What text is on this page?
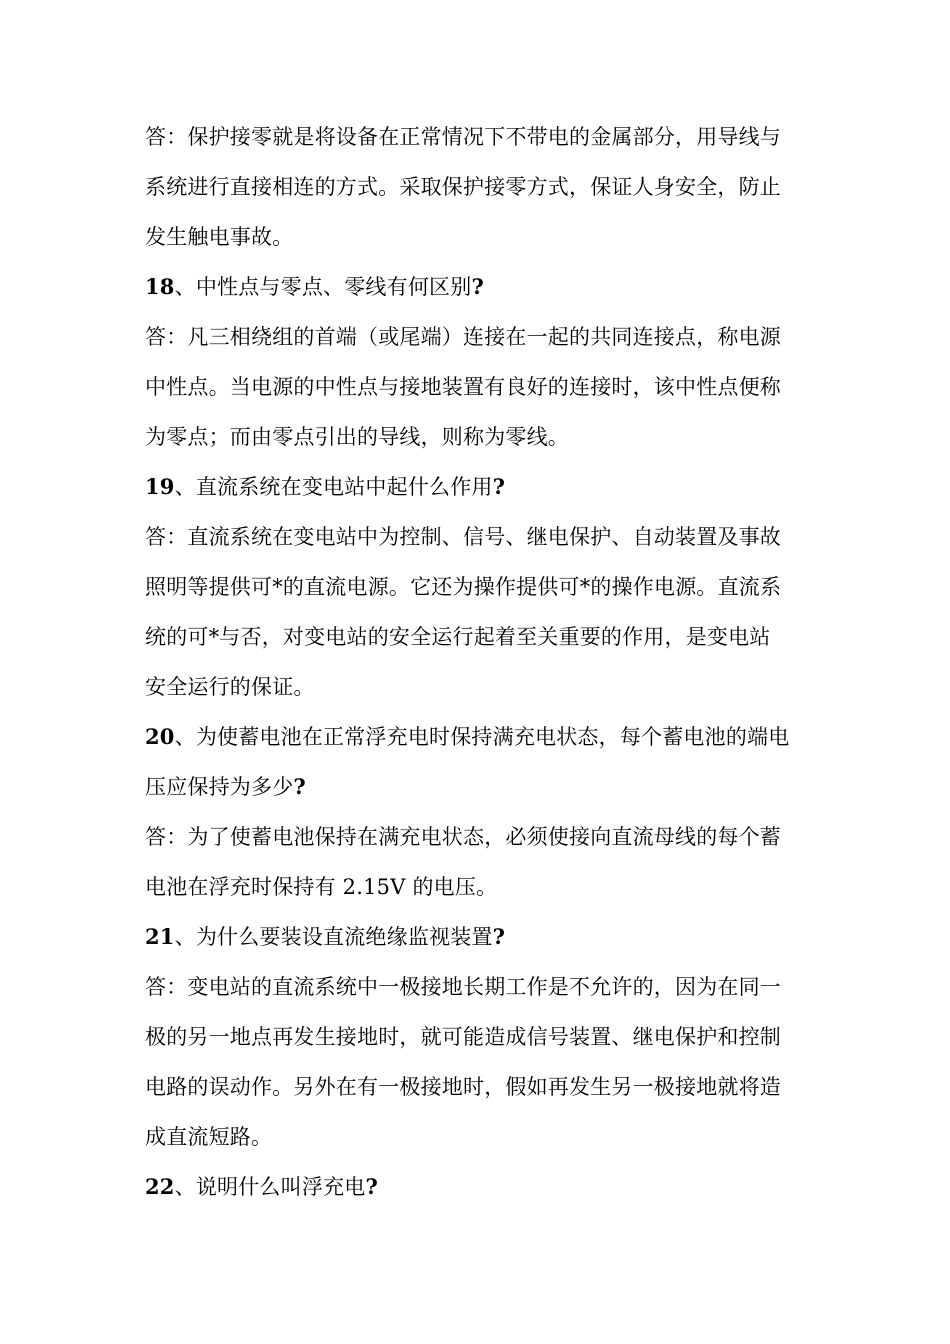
答：保护接零就是将设备在正常情况下不带电的金属部分，用导线与
系统进行直接相连的方式。采取保护接零方式，保证人身安全，防止
发生触电事故。
18、中性点与零点、零线有何区别?
答：凡三相绕组的首端（或尾端）连接在一起的共同连接点，称电源
中性点。当电源的中性点与接地装置有良好的连接时，该中性点便称
为零点；而由零点引出的导线，则称为零线。
19、直流系统在变电站中起什么作用?
答：直流系统在变电站中为控制、信号、继电保护、自动装置及事故
照明等提供可*的直流电源。它还为操作提供可*的操作电源。直流系
统的可*与否，对变电站的安全运行起着至关重要的作用，是变电站
安全运行的保证。
20、为使蓄电池在正常浮充电时保持满充电状态，每个蓄电池的端电
压应保持为多少?
答：为了使蓄电池保持在满充电状态，必须使接向直流母线的每个蓄
电池在浮充时保持有 2.15V 的电压。
21、为什么要装设直流绝缘监视装置?
答：变电站的直流系统中一极接地长期工作是不允许的，因为在同一
极的另一地点再发生接地时，就可能造成信号装置、继电保护和控制
电路的误动作。另外在有一极接地时，假如再发生另一极接地就将造
成直流短路。
22、说明什么叫浮充电?
